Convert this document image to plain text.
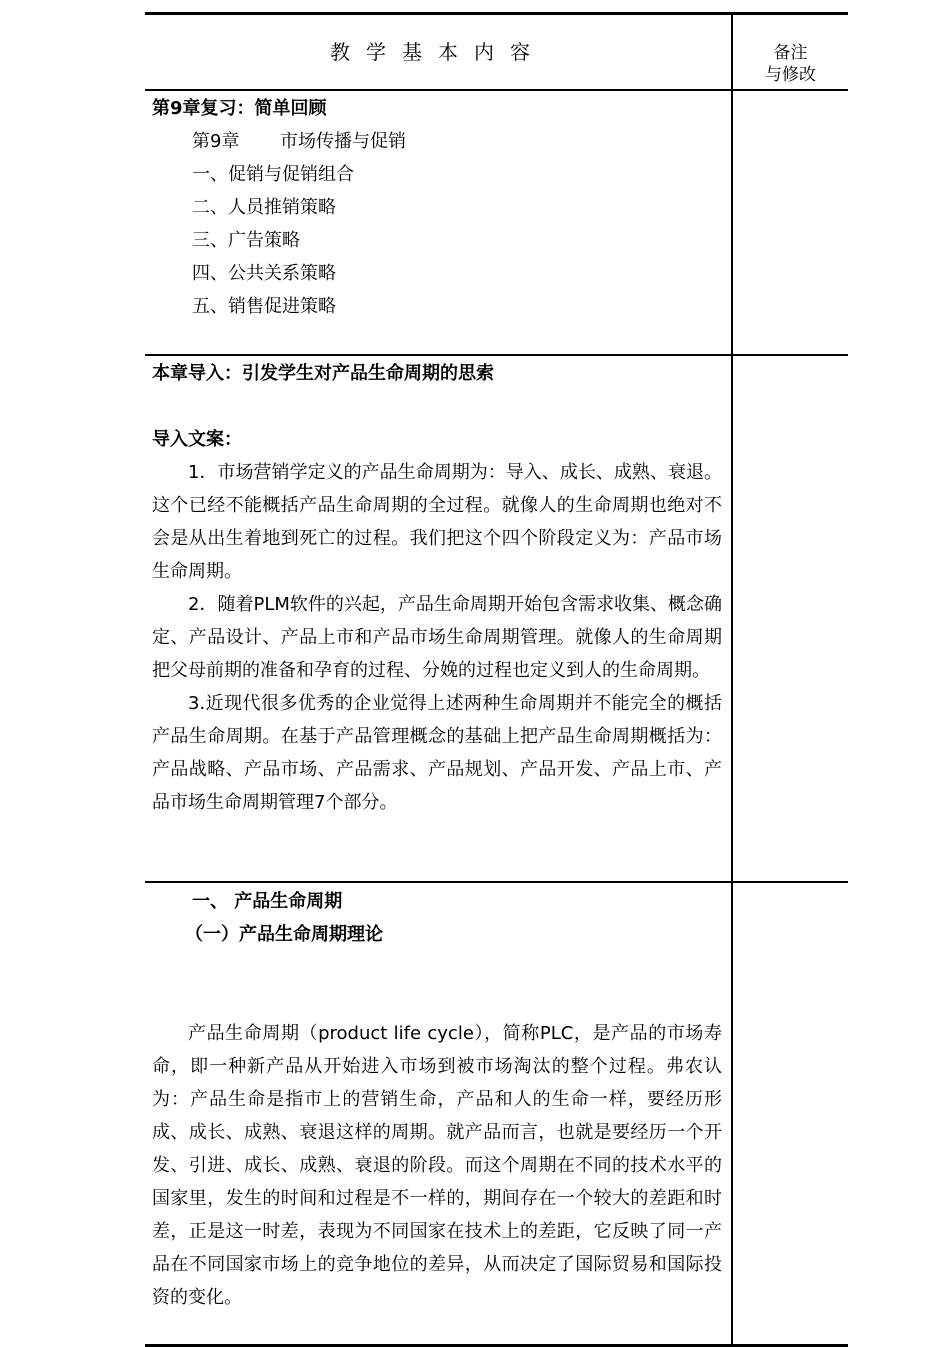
教学基本内容	备注
与修改
第9章复习：简单回顾
第9章 市场传播与促销
一、促销与促销组合
二、人员推销策略
三、广告策略
四、公共关系策略
五、销售促进策略
本章导入：引发学生对产品生命周期的思索
导入文案：

1．市场营销学定义的产品生命周期为：导入、成长、成熟、衰退。这个已经不能概括产品生命周期的全过程。就像人的生命周期也绝对不会是从出生着地到死亡的过程。我们把这个四个阶段定义为：产品市场生命周期。

2．随着PLM软件的兴起，产品生命周期开始包含需求收集、概念确定、产品设计、产品上市和产品市场生命周期管理。就像人的生命周期把父母前期的准备和孕育的过程、分娩的过程也定义到人的生命周期。

3.近现代很多优秀的企业觉得上述两种生命周期并不能完全的概括产品生命周期。在基于产品管理概念的基础上把产品生命周期概括为：产品战略、产品市场、产品需求、产品规划、产品开发、产品上市、产品市场生命周期管理7个部分。

一、 产品生命周期
（一）产品生命周期理论

产品生命周期（product life cycle），简称PLC，是产品的市场寿命，即一种新产品从开始进入市场到被市场淘汰的整个过程。弗农认为：产品生命是指市上的营销生命，产品和人的生命一样，要经历形成、成长、成熟、衰退这样的周期。就产品而言，也就是要经历一个开发、引进、成长、成熟、衰退的阶段。而这个周期在不同的技术水平的国家里，发生的时间和过程是不一样的，期间存在一个较大的差距和时差，正是这一时差，表现为不同国家在技术上的差距，它反映了同一产品在不同国家市场上的竞争地位的差异，从而决定了国际贸易和国际投资的变化。
